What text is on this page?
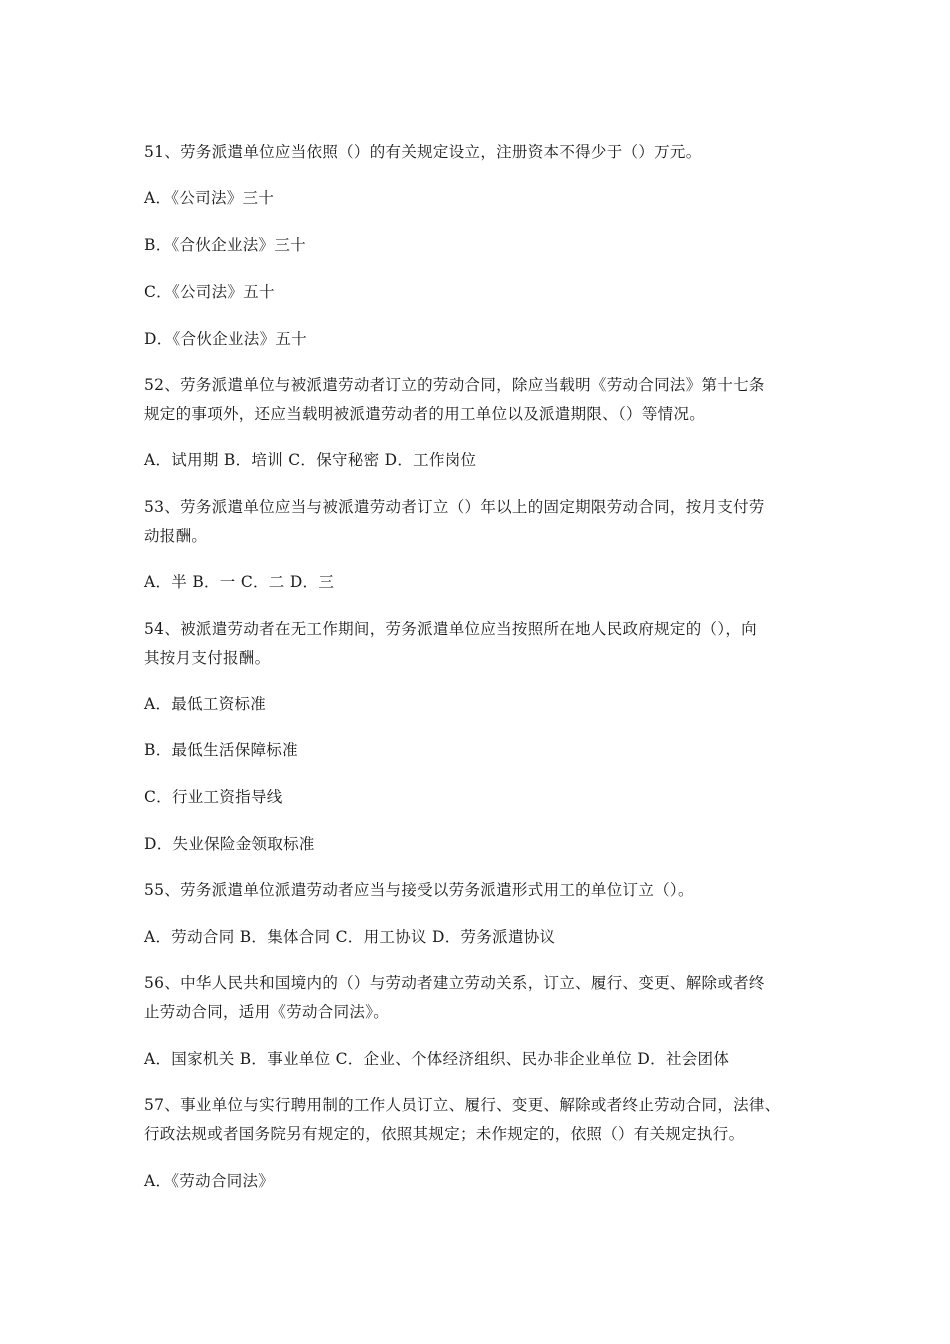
51、劳务派遣单位应当依照（）的有关规定设立，注册资本不得少于（）万元。
A．《公司法》三十
B．《合伙企业法》三十
C．《公司法》五十
D．《合伙企业法》五十
52、劳务派遣单位与被派遣劳动者订立的劳动合同，除应当载明《劳动合同法》第十七条
规定的事项外，还应当载明被派遣劳动者的用工单位以及派遣期限、（）等情况。
A．试用期 B．培训 C．保守秘密 D．工作岗位
53、劳务派遣单位应当与被派遣劳动者订立（）年以上的固定期限劳动合同，按月支付劳
动报酬。
A．半 B．一 C．二 D．三
54、被派遣劳动者在无工作期间，劳务派遣单位应当按照所在地人民政府规定的（），向
其按月支付报酬。
A．最低工资标准
B．最低生活保障标准
C．行业工资指导线
D．失业保险金领取标准
55、劳务派遣单位派遣劳动者应当与接受以劳务派遣形式用工的单位订立（）。
A．劳动合同 B．集体合同 C．用工协议 D．劳务派遣协议
56、中华人民共和国境内的（）与劳动者建立劳动关系，订立、履行、变更、解除或者终
止劳动合同，适用《劳动合同法》。
A．国家机关 B．事业单位 C．企业、个体经济组织、民办非企业单位 D．社会团体
57、事业单位与实行聘用制的工作人员订立、履行、变更、解除或者终止劳动合同，法律、
行政法规或者国务院另有规定的，依照其规定；未作规定的，依照（）有关规定执行。
A．《劳动合同法》
